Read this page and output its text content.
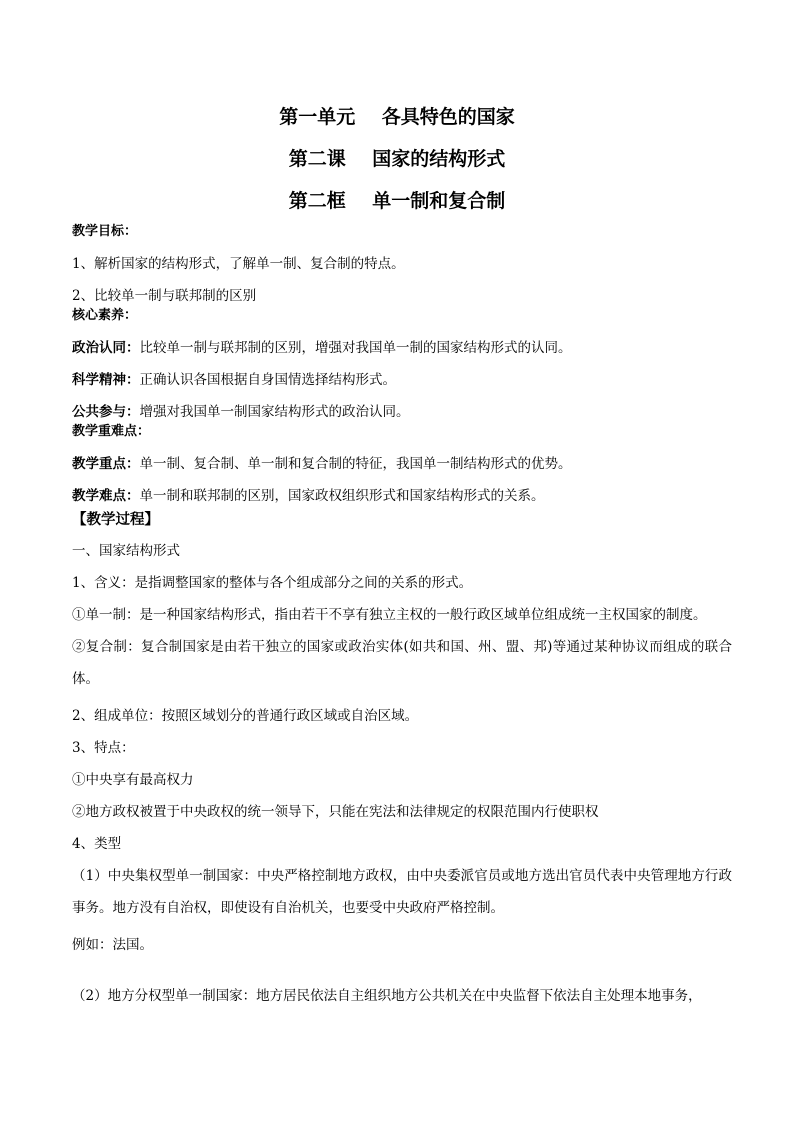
第一单元    各具特色的国家
第二课    国家的结构形式
第二框    单一制和复合制

教学目标：

1、解析国家的结构形式，了解单一制、复合制的特点。

2、比较单一制与联邦制的区别

核心素养：

政治认同：比较单一制与联邦制的区别，增强对我国单一制的国家结构形式的认同。

科学精神：正确认识各国根据自身国情选择结构形式。

公共参与：增强对我国单一制国家结构形式的政治认同。

教学重难点：

教学重点：单一制、复合制、单一制和复合制的特征，我国单一制结构形式的优势。

教学难点：单一制和联邦制的区别，国家政权组织形式和国家结构形式的关系。

【教学过程】

一、国家结构形式

1、含义：是指调整国家的整体与各个组成部分之间的关系的形式。

①单一制：是一种国家结构形式，指由若干不享有独立主权的一般行政区域单位组成统一主权国家的制度。

②复合制：复合制国家是由若干独立的国家或政治实体(如共和国、州、盟、邦)等通过某种协议而组成的联合体。

2、组成单位：按照区域划分的普通行政区域或自治区域。

3、特点：

①中央享有最高权力

②地方政权被置于中央政权的统一领导下，只能在宪法和法律规定的权限范围内行使职权

4、类型

（1）中央集权型单一制国家：中央严格控制地方政权，由中央委派官员或地方选出官员代表中央管理地方行政事务。地方没有自治权，即使设有自治机关，也要受中央政府严格控制。

例如：法国。

（2）地方分权型单一制国家：地方居民依法自主组织地方公共机关在中央监督下依法自主处理本地事务，
